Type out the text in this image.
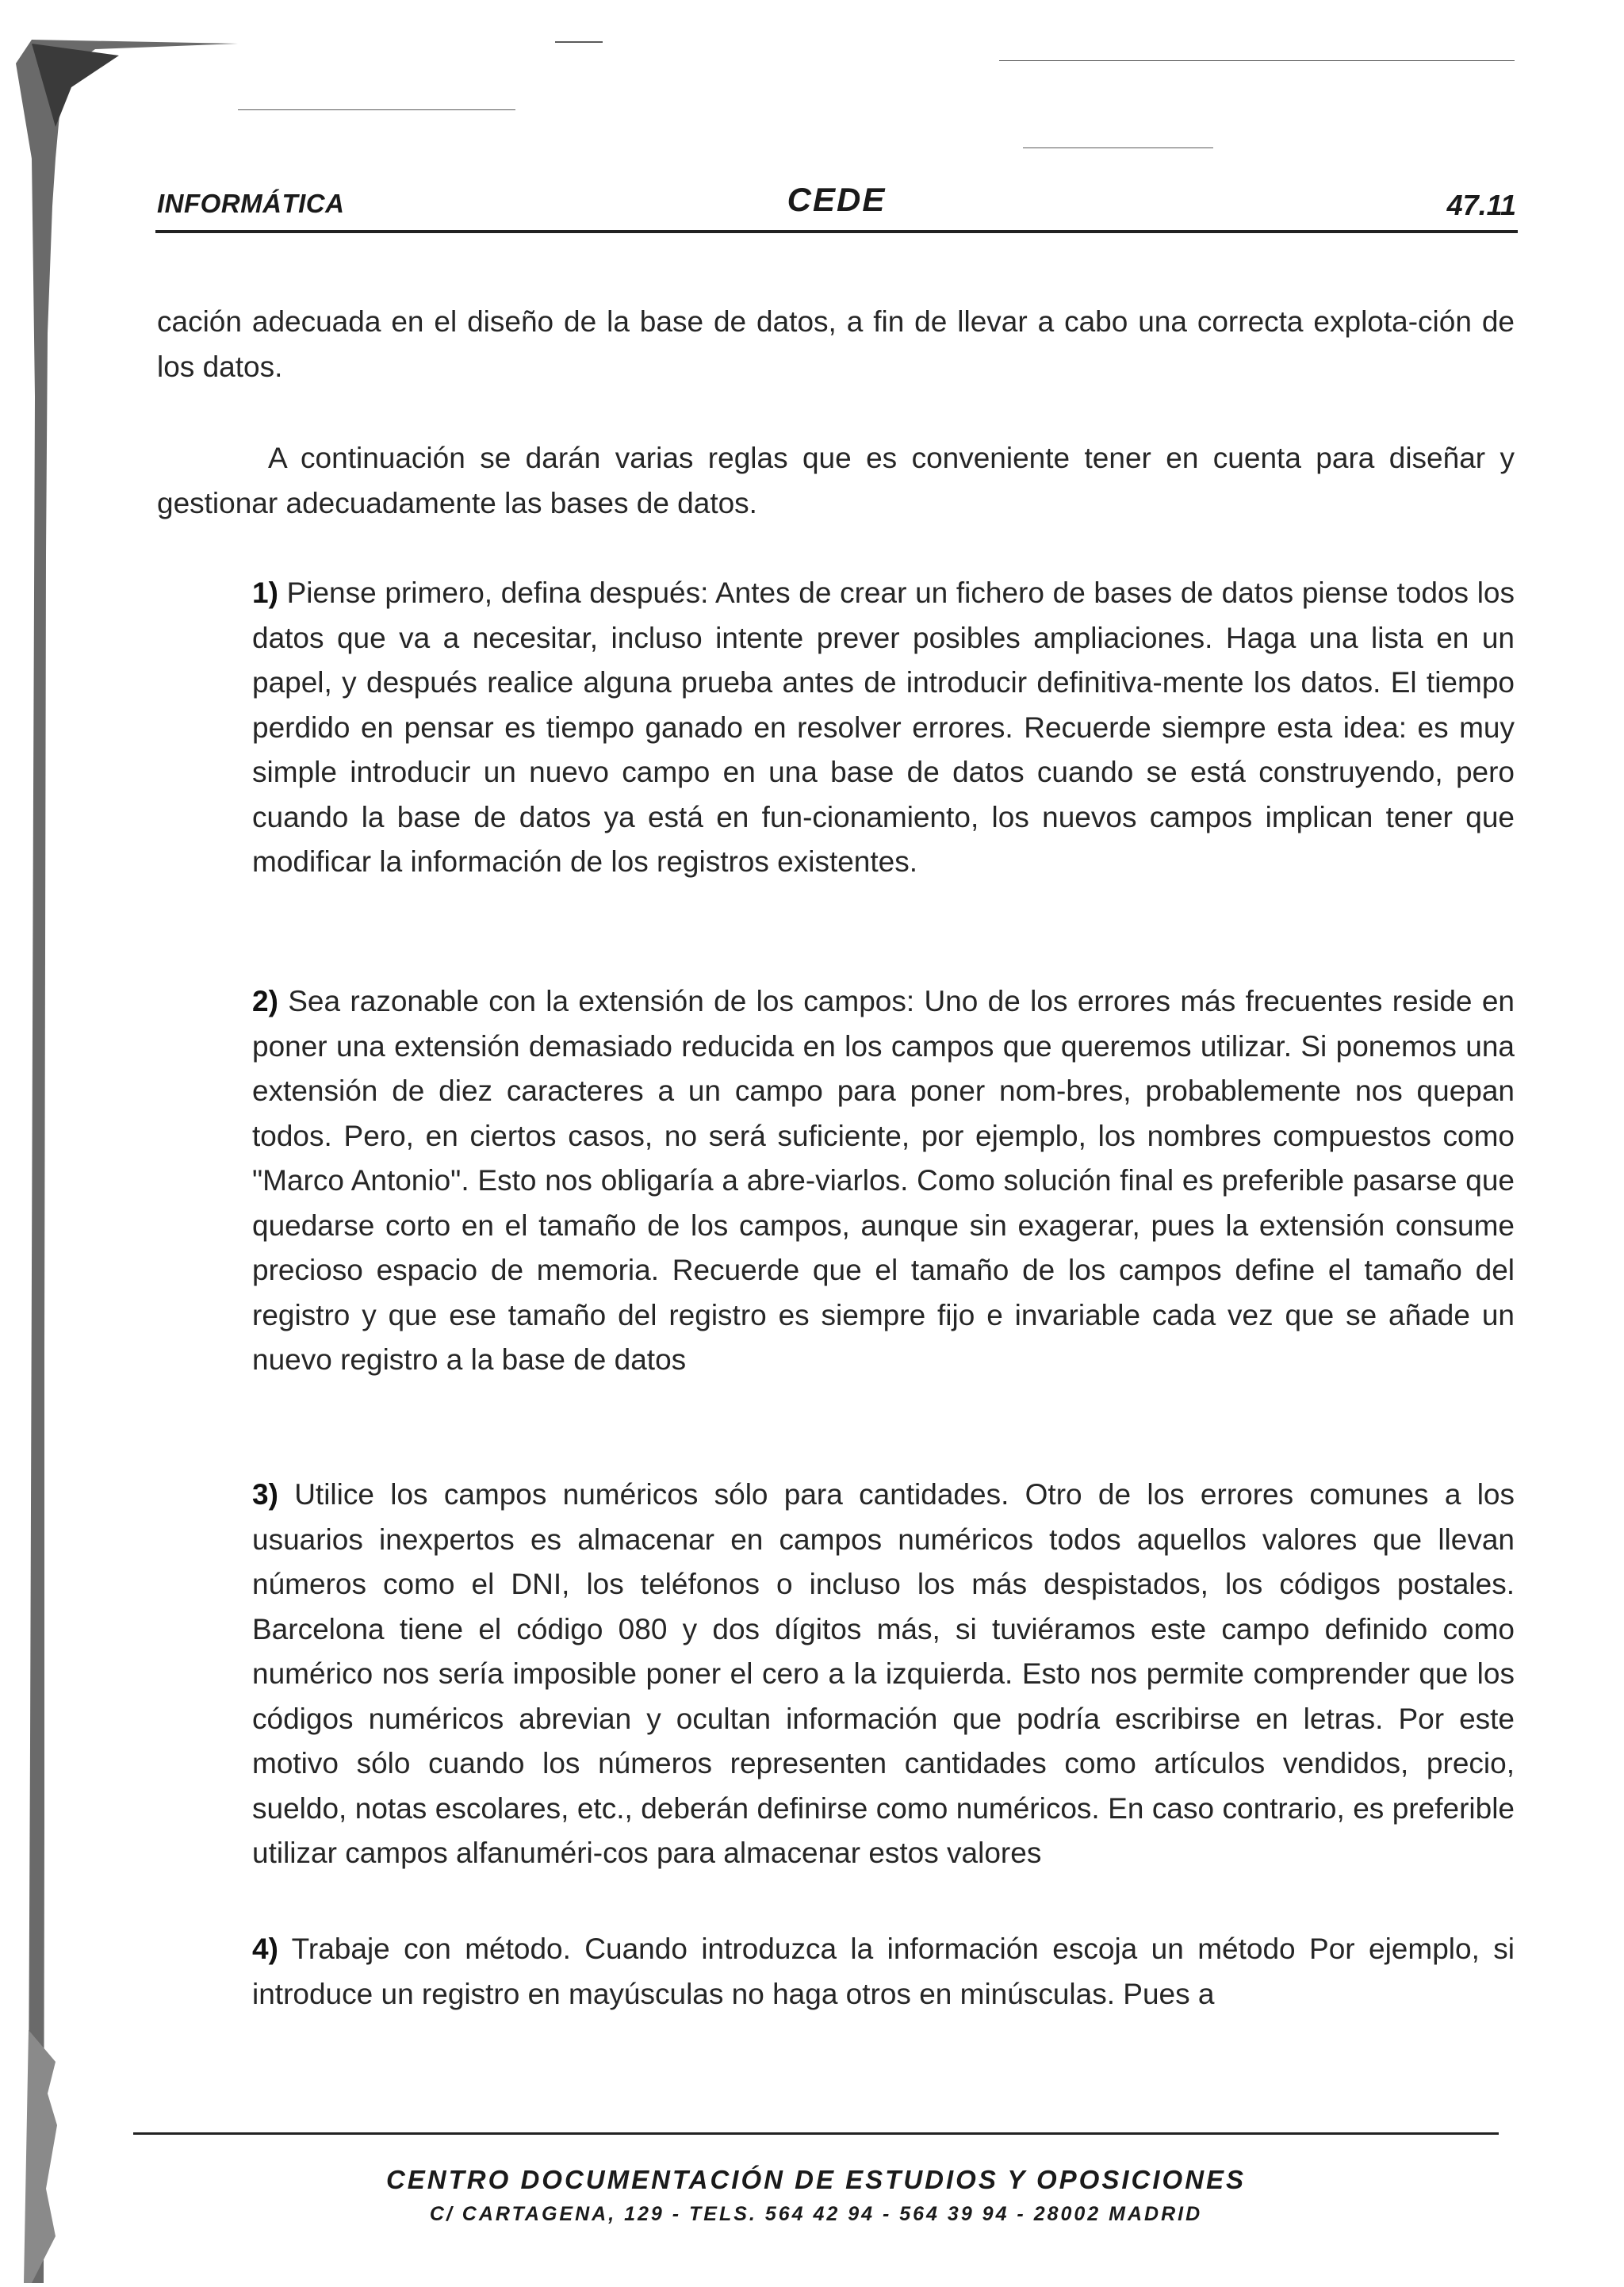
INFORMÁTICA	CEDE	47.11
cación adecuada en el diseño de la base de datos, a fin de llevar a cabo una correcta explota-ción de los datos.
A continuación se darán varias reglas que es conveniente tener en cuenta para diseñar y gestionar adecuadamente las bases de datos.
1) Piense primero, defina después: Antes de crear un fichero de bases de datos piense todos los datos que va a necesitar, incluso intente prever posibles ampliaciones. Haga una lista en un papel, y después realice alguna prueba antes de introducir definitiva-mente los datos. El tiempo perdido en pensar es tiempo ganado en resolver errores. Recuerde siempre esta idea: es muy simple introducir un nuevo campo en una base de datos cuando se está construyendo, pero cuando la base de datos ya está en fun-cionamiento, los nuevos campos implican tener que modificar la información de los registros existentes.
2) Sea razonable con la extensión de los campos: Uno de los errores más frecuentes reside en poner una extensión demasiado reducida en los campos que queremos utilizar. Si ponemos una extensión de diez caracteres a un campo para poner nom-bres, probablemente nos quepan todos. Pero, en ciertos casos, no será suficiente, por ejemplo, los nombres compuestos como "Marco Antonio". Esto nos obligaría a abre-viarlos. Como solución final es preferible pasarse que quedarse corto en el tamaño de los campos, aunque sin exagerar, pues la extensión consume precioso espacio de memoria. Recuerde que el tamaño de los campos define el tamaño del registro y que ese tamaño del registro es siempre fijo e invariable cada vez que se añade un nuevo registro a la base de datos
3) Utilice los campos numéricos sólo para cantidades. Otro de los errores comunes a los usuarios inexpertos es almacenar en campos numéricos todos aquellos valores que llevan números como el DNI, los teléfonos o incluso los más despistados, los códigos postales. Barcelona tiene el código 080 y dos dígitos más, si tuviéramos este campo definido como numérico nos sería imposible poner el cero a la izquierda. Esto nos permite comprender que los códigos numéricos abrevian y ocultan información que podría escribirse en letras. Por este motivo sólo cuando los números representen cantidades como artículos vendidos, precio, sueldo, notas escolares, etc., deberán definirse como numéricos. En caso contrario, es preferible utilizar campos alfanuméri-cos para almacenar estos valores
4) Trabaje con método. Cuando introduzca la información escoja un método Por ejemplo, si introduce un registro en mayúsculas no haga otros en minúsculas. Pues a
CENTRO DOCUMENTACIÓN DE ESTUDIOS Y OPOSICIONES
C/ CARTAGENA, 129 - TELS. 564 42 94 - 564 39 94 - 28002 MADRID
